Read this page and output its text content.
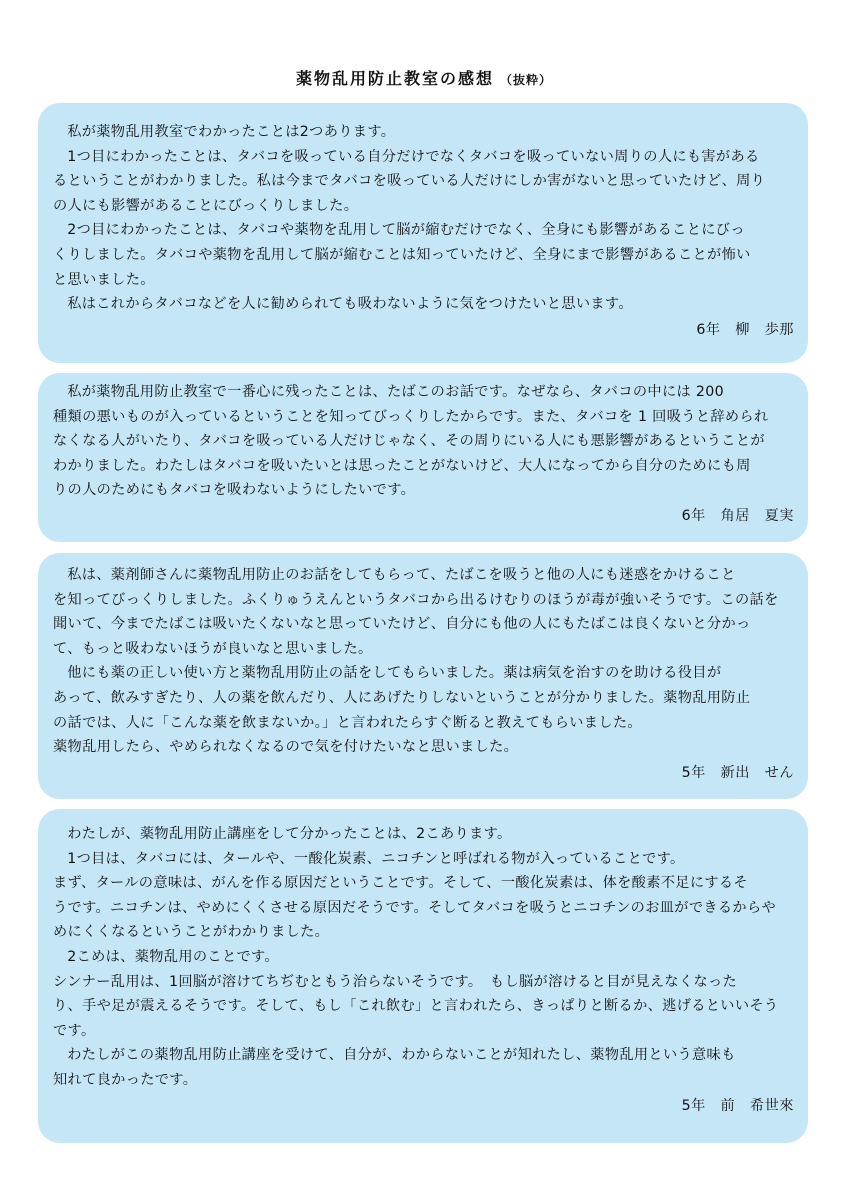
薬物乱用防止教室の感想 （抜粋）

私が薬物乱用教室でわかったことは2つあります。

1つ目にわかったことは、タバコを吸っている自分だけでなくタバコを吸っていない周りの人にも害がある

るということがわかりました。私は今までタバコを吸っている人だけにしか害がないと思っていたけど、周り

の人にも影響があることにびっくりしました。

2つ目にわかったことは、タバコや薬物を乱用して脳が縮むだけでなく、全身にも影響があることにびっ

くりしました。タバコや薬物を乱用して脳が縮むことは知っていたけど、全身にまで影響があることが怖い

と思いました。

私はこれからタバコなどを人に勧められても吸わないように気をつけたいと思います。

6年　柳　歩那

私が薬物乱用防止教室で一番心に残ったことは、たばこのお話です。なぜなら、タバコの中には 200

種類の悪いものが入っているということを知ってびっくりしたからです。また、タバコを 1 回吸うと辞められ

なくなる人がいたり、タバコを吸っている人だけじゃなく、その周りにいる人にも悪影響があるということが

わかりました。わたしはタバコを吸いたいとは思ったことがないけど、大人になってから自分のためにも周

りの人のためにもタバコを吸わないようにしたいです。

6年　角居　夏実

私は、薬剤師さんに薬物乱用防止のお話をしてもらって、たばこを吸うと他の人にも迷惑をかけること

を知ってびっくりしました。ふくりゅうえんというタバコから出るけむりのほうが毒が強いそうです。この話を

聞いて、今までたばこは吸いたくないなと思っていたけど、自分にも他の人にもたばこは良くないと分かっ

て、もっと吸わないほうが良いなと思いました。

他にも薬の正しい使い方と薬物乱用防止の話をしてもらいました。薬は病気を治すのを助ける役目が

あって、飲みすぎたり、人の薬を飲んだり、人にあげたりしないということが分かりました。薬物乱用防止

の話では、人に「こんな薬を飲まないか。」と言われたらすぐ断ると教えてもらいました。

薬物乱用したら、やめられなくなるので気を付けたいなと思いました。

5年　新出　せん

わたしが、薬物乱用防止講座をして分かったことは、2こあります。

1つ目は、タバコには、タールや、一酸化炭素、ニコチンと呼ばれる物が入っていることです。

まず、タールの意味は、がんを作る原因だということです。そして、一酸化炭素は、体を酸素不足にするそ

うです。ニコチンは、やめにくくさせる原因だそうです。そしてタバコを吸うとニコチンのお皿ができるからや

めにくくなるということがわかりました。

2こめは、薬物乱用のことです。

シンナー乱用は、1回脳が溶けてちぢむともう治らないそうです。　もし脳が溶けると目が見えなくなった

り、手や足が震えるそうです。そして、もし「これ飲む」と言われたら、きっぱりと断るか、逃げるといいそう

です。

わたしがこの薬物乱用防止講座を受けて、自分が、わからないことが知れたし、薬物乱用という意味も

知れて良かったです。

5年　前　希世來
